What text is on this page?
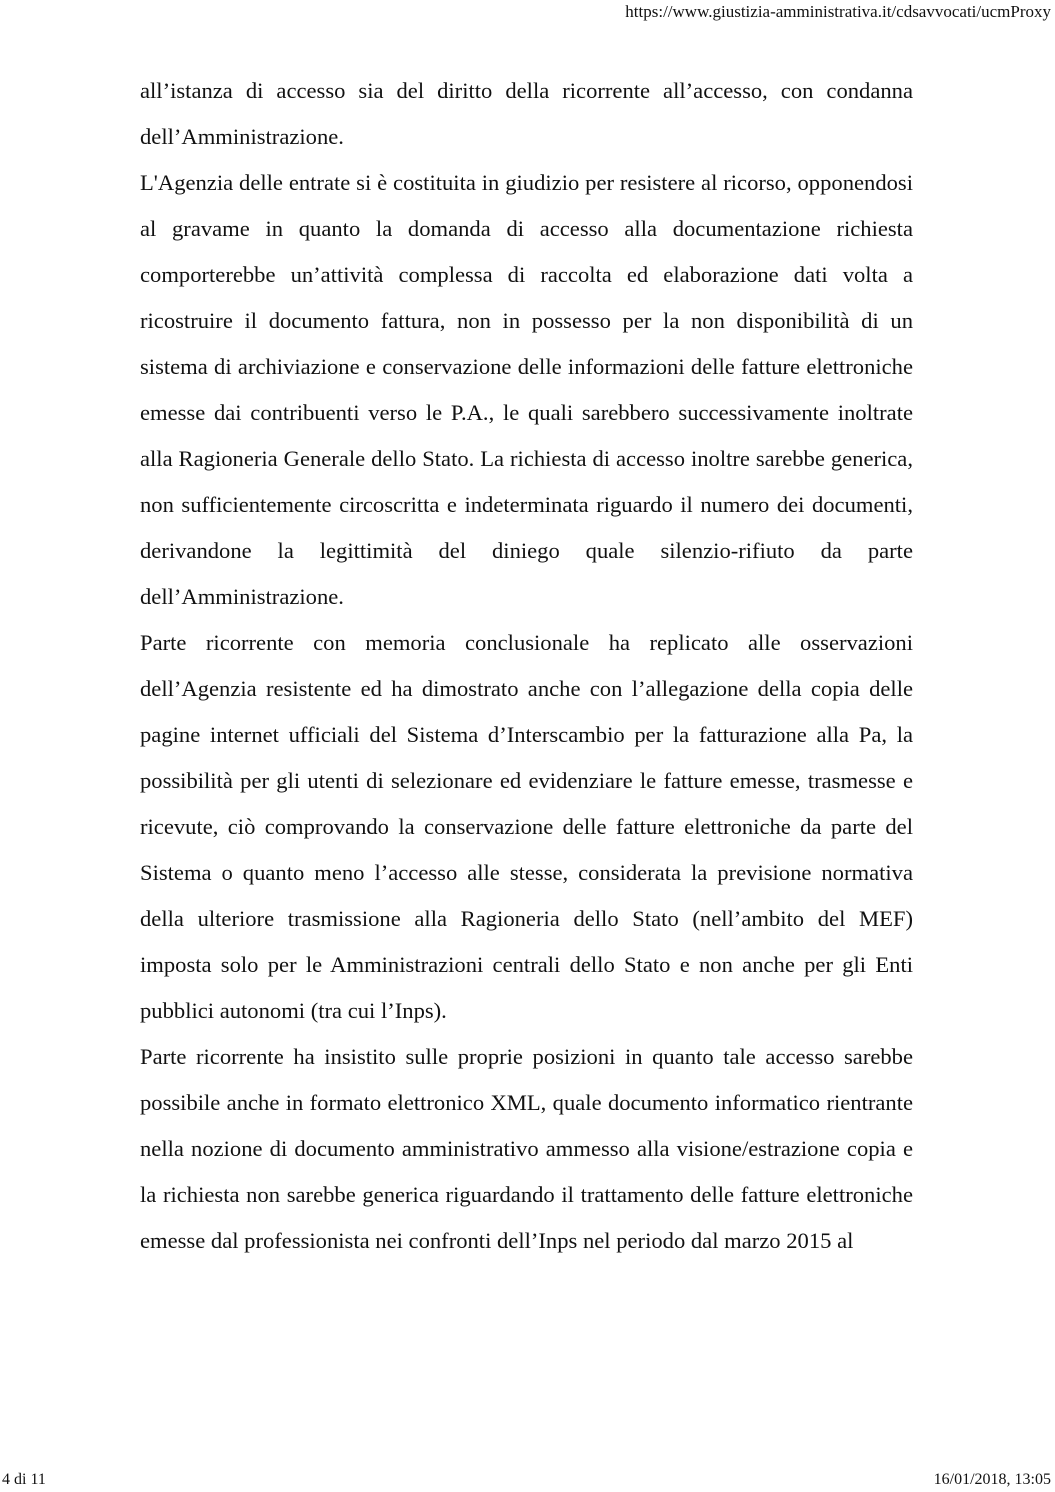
https://www.giustizia-amministrativa.it/cdsavvocati/ucmProxy

all’istanza di accesso sia del diritto della ricorrente all’accesso, con condanna dell’Amministrazione.

L'Agenzia delle entrate si è costituita in giudizio per resistere al ricorso, opponendosi al gravame in quanto la domanda di accesso alla documentazione richiesta comporterebbe un’attività complessa di raccolta ed elaborazione dati volta a ricostruire il documento fattura, non in possesso per la non disponibilità di un sistema di archiviazione e conservazione delle informazioni delle fatture elettroniche emesse dai contribuenti verso le P.A., le quali sarebbero successivamente inoltrate alla Ragioneria Generale dello Stato. La richiesta di accesso inoltre sarebbe generica, non sufficientemente circoscritta e indeterminata riguardo il numero dei documenti, derivandone la legittimità del diniego quale silenzio-rifiuto da parte dell’Amministrazione.

Parte ricorrente con memoria conclusionale ha replicato alle osservazioni dell’Agenzia resistente ed ha dimostrato anche con l’allegazione della copia delle pagine internet ufficiali del Sistema d’Interscambio per la fatturazione alla Pa, la possibilità per gli utenti di selezionare ed evidenziare le fatture emesse, trasmesse e ricevute, ciò comprovando la conservazione delle fatture elettroniche da parte del Sistema o quanto meno l’accesso alle stesse, considerata la previsione normativa della ulteriore trasmissione alla Ragioneria dello Stato (nell’ambito del MEF) imposta solo per le Amministrazioni centrali dello Stato e non anche per gli Enti pubblici autonomi (tra cui l’Inps).

Parte ricorrente ha insistito sulle proprie posizioni in quanto tale accesso sarebbe possibile anche in formato elettronico XML, quale documento informatico rientrante nella nozione di documento amministrativo ammesso alla visione/estrazione copia e la richiesta non sarebbe generica riguardando il trattamento delle fatture elettroniche emesse dal professionista nei confronti dell’Inps nel periodo dal marzo 2015 al

4 di 11	16/01/2018, 13:05
